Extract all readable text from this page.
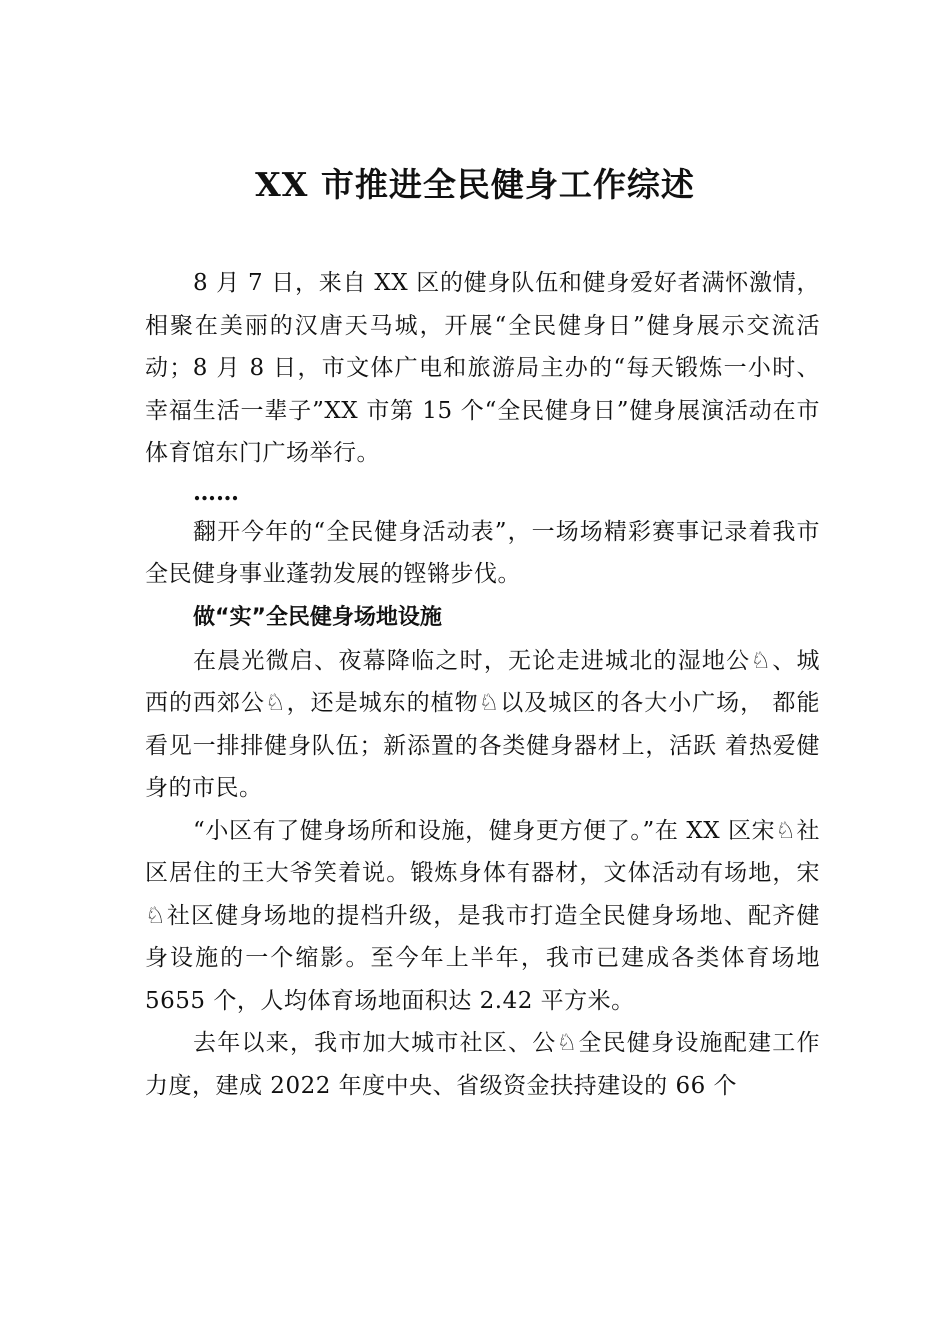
XX 市推进全民健身工作综述

8 月 7 日，来自 XX 区的健身队伍和健身爱好者满怀激情，相聚在美丽的汉唐天马城，开展“全民健身日”健身展示交流活动；8 月 8 日，市文体广电和旅游局主办的“每天锻炼一小时、幸福生活一辈子”XX 市第 15 个“全民健身日”健身展演活动在市体育馆东门广场举行。

……

翻开今年的“全民健身活动表”，一场场精彩赛事记录着我市全民健身事业蓬勃发展的铿锵步伐。

做“实”全民健身场地设施

在晨光微启、夜幕降临之时，无论走进城北的湿地公♘、城西的西郊公♘，还是城东的植物♘以及城区的各大小广场， 都能看见一排排健身队伍；新添置的各类健身器材上，活跃 着热爱健身的市民。

“小区有了健身场所和设施，健身更方便了。”在 XX 区宋♘社区居住的王大爷笑着说。锻炼身体有器材，文体活动有场地，宋♘社区健身场地的提档升级，是我市打造全民健身场地、配齐健身设施的一个缩影。至今年上半年，我市已建成各类体育场地 5655 个，人均体育场地面积达 2.42 平方米。

去年以来，我市加大城市社区、公♘全民健身设施配建工作力度，建成 2022 年度中央、省级资金扶持建设的 66 个
